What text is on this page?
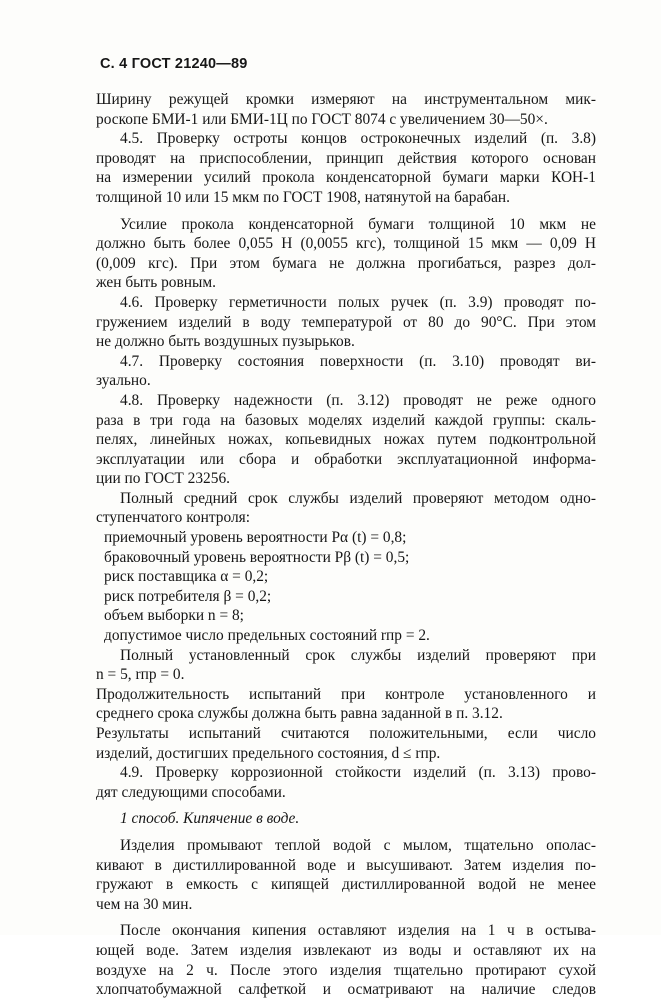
С. 4 ГОСТ 21240—89
Ширину режущей кромки измеряют на инструментальном мик-
роскопе БМИ-1 или БМИ-1Ц по ГОСТ 8074 с увеличением 30—50×.
4.5. Проверку остроты концов остроконечных изделий (п. 3.8)
проводят на приспособлении, принцип действия которого основан
на измерении усилий прокола конденсаторной бумаги марки КОН-1
толщиной 10 или 15 мкм по ГОСТ 1908, натянутой на барабан.
Усилие прокола конденсаторной бумаги толщиной 10 мкм не
должно быть более 0,055 Н (0,0055 кгс), толщиной 15 мкм — 0,09 Н
(0,009 кгс). При этом бумага не должна прогибаться, разрез дол-
жен быть ровным.
4.6. Проверку герметичности полых ручек (п. 3.9) проводят по-
гружением изделий в воду температурой от 80 до 90°С. При этом
не должно быть воздушных пузырьков.
4.7. Проверку состояния поверхности (п. 3.10) проводят ви-
зуально.
4.8. Проверку надежности (п. 3.12) проводят не реже одного
раза в три года на базовых моделях изделий каждой группы: скаль-
пелях, линейных ножах, копьевидных ножах путем подконтрольной
эксплуатации или сбора и обработки эксплуатационной информа-
ции по ГОСТ 23256.
Полный средний срок службы изделий проверяют методом одно-
ступенчатого контроля:
приемочный уровень вероятности Pα (t) = 0,8;
браковочный уровень вероятности Pβ (t) = 0,5;
риск поставщика α = 0,2;
риск потребителя β = 0,2;
объем выборки n = 8;
допустимое число предельных состояний rпр = 2.
Полный установленный срок службы изделий проверяют при
n = 5, rпр = 0.
Продолжительность испытаний при контроле установленного и
среднего срока службы должна быть равна заданной в п. 3.12.
Результаты испытаний считаются положительными, если число
изделий, достигших предельного состояния, d ≤ rпр.
4.9. Проверку коррозионной стойкости изделий (п. 3.13) прово-
дят следующими способами.
1 способ. Кипячение в воде.
Изделия промывают теплой водой с мылом, тщательно ополас-
кивают в дистиллированной воде и высушивают. Затем изделия по-
гружают в емкость с кипящей дистиллированной водой не менее
чем на 30 мин.
После окончания кипения оставляют изделия на 1 ч в остыва-
ющей воде. Затем изделия извлекают из воды и оставляют их на
воздухе на 2 ч. После этого изделия тщательно протирают сухой
хлопчатобумажной салфеткой и осматривают на наличие следов
